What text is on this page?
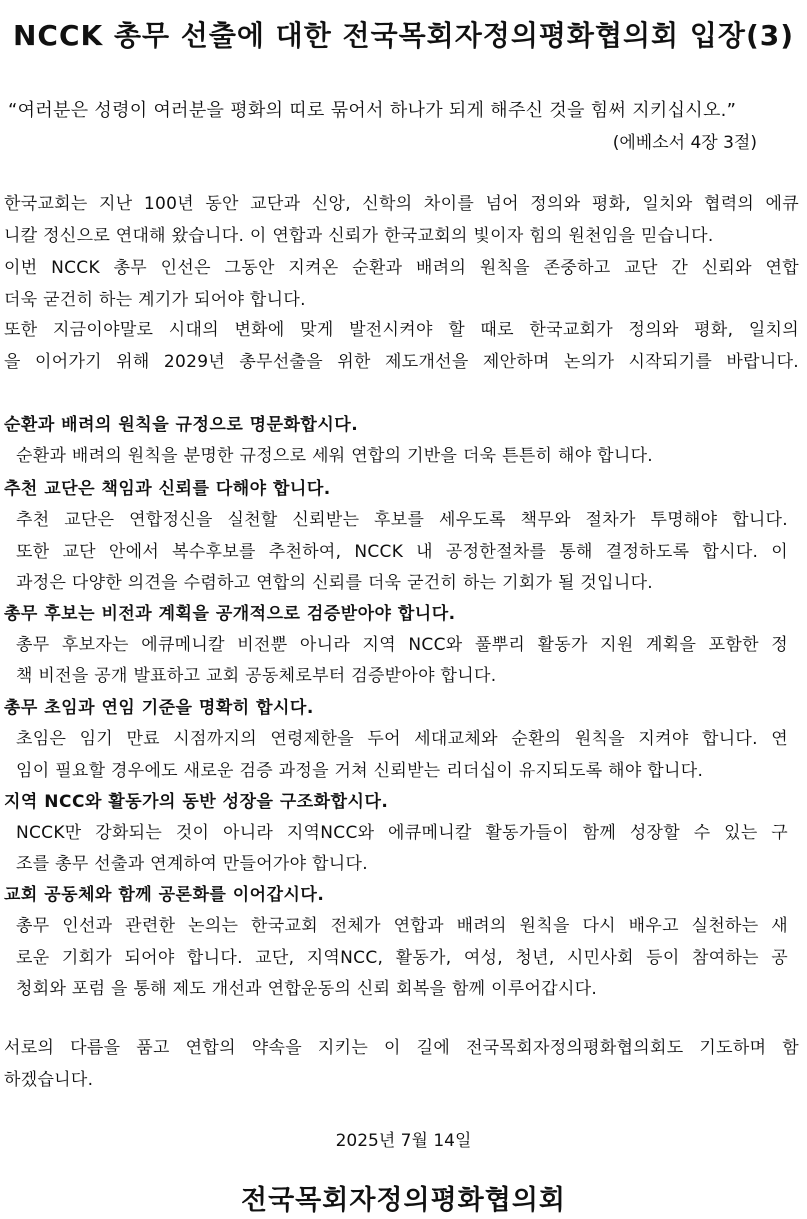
NCCK 총무 선출에 대한 전국목회자정의평화협의회 입장(3)
“여러분은 성령이 여러분을 평화의 띠로 묶어서 하나가 되게 해주신 것을 힘써 지키십시오.”
(에베소서 4장 3절)
한국교회는 지난 100년 동안 교단과 신앙, 신학의 차이를 넘어 정의와 평화, 일치와 협력의 에큐
니칼 정신으로 연대해 왔습니다. 이 연합과 신뢰가 한국교회의 빛이자 힘의 원천임을 믿습니다.
이번 NCCK 총무 인선은 그동안 지켜온 순환과 배려의 원칙을 존중하고 교단 간 신뢰와 연합
더욱 굳건히 하는 계기가 되어야 합니다.
또한 지금이야말로 시대의 변화에 맞게 발전시켜야 할 때로 한국교회가 정의와 평화, 일치의
을 이어가기 위해 2029년 총무선출을 위한 제도개선을 제안하며 논의가 시작되기를 바랍니다.
순환과 배려의 원칙을 규정으로 명문화합시다.
순환과 배려의 원칙을 분명한 규정으로 세워 연합의 기반을 더욱 튼튼히 해야 합니다.
추천 교단은 책임과 신뢰를 다해야 합니다.
추천 교단은 연합정신을 실천할 신뢰받는 후보를 세우도록 책무와 절차가 투명해야 합니다.
또한 교단 안에서 복수후보를 추천하여, NCCK 내 공정한절차를 통해 결정하도록 합시다. 이
과정은 다양한 의견을 수렴하고 연합의 신뢰를 더욱 굳건히 하는 기회가 될 것입니다.
총무 후보는 비전과 계획을 공개적으로 검증받아야 합니다.
총무 후보자는 에큐메니칼 비전뿐 아니라 지역 NCC와 풀뿌리 활동가 지원 계획을 포함한 정
책 비전을 공개 발표하고 교회 공동체로부터 검증받아야 합니다.
총무 초임과 연임 기준을 명확히 합시다.
초임은 임기 만료 시점까지의 연령제한을 두어 세대교체와 순환의 원칙을 지켜야 합니다. 연
임이 필요할 경우에도 새로운 검증 과정을 거쳐 신뢰받는 리더십이 유지되도록 해야 합니다.
지역 NCC와 활동가의 동반 성장을 구조화합시다.
NCCK만 강화되는 것이 아니라 지역NCC와 에큐메니칼 활동가들이 함께 성장할 수 있는 구
조를 총무 선출과 연계하여 만들어가야 합니다.
교회 공동체와 함께 공론화를 이어갑시다.
총무 인선과 관련한 논의는 한국교회 전체가 연합과 배려의 원칙을 다시 배우고 실천하는 새
로운 기회가 되어야 합니다. 교단, 지역NCC, 활동가, 여성, 청년, 시민사회 등이 참여하는 공
청회와 포럼 을 통해 제도 개선과 연합운동의 신뢰 회복을 함께 이루어갑시다.
서로의 다름을 품고 연합의 약속을 지키는 이 길에 전국목회자정의평화협의회도 기도하며 함
하겠습니다.
2025년 7월 14일
전국목회자정의평화협의회
